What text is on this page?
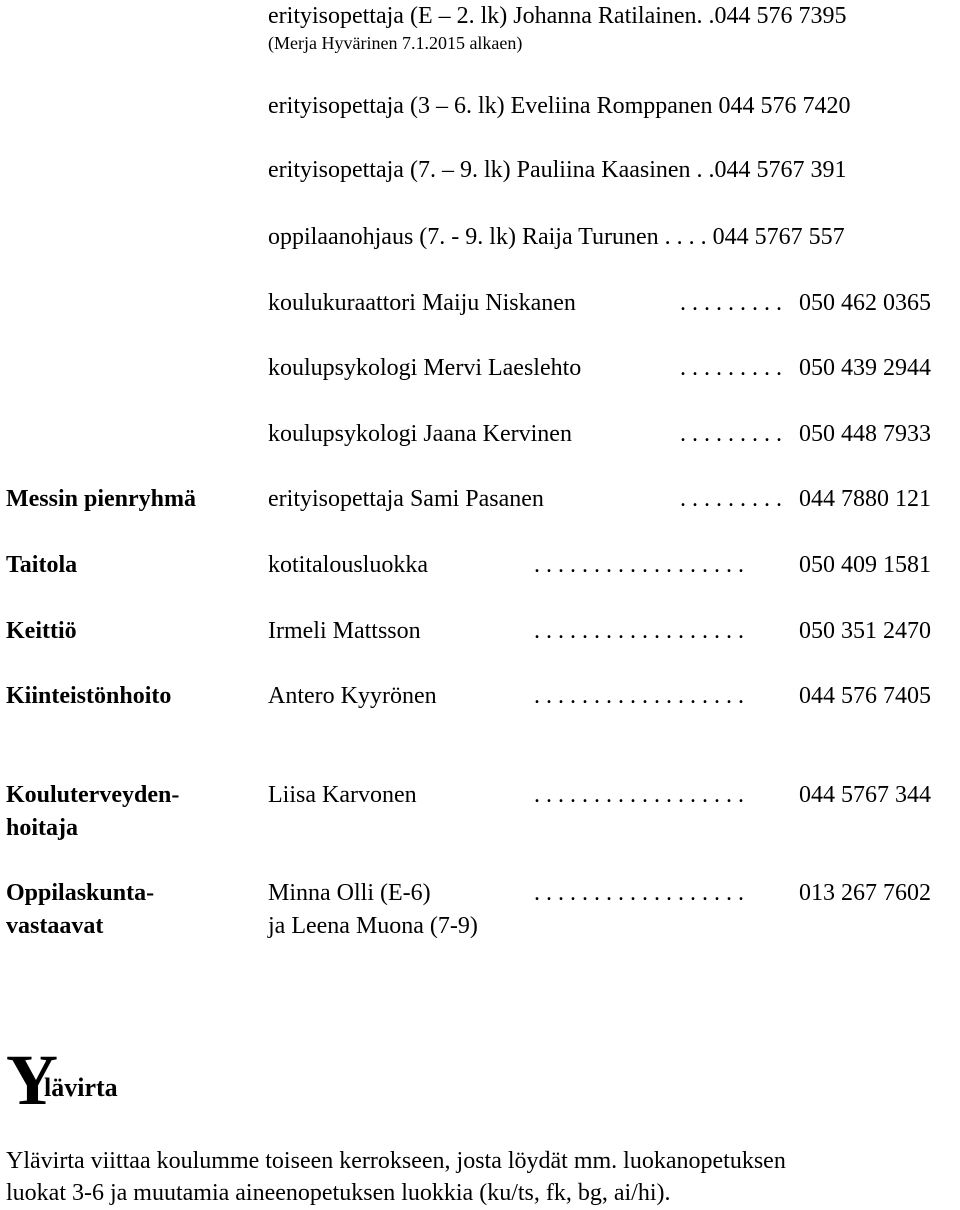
erityisopettaja (E – 2. lk) Johanna Ratilainen. .044 576 7395
(Merja Hyvärinen 7.1.2015 alkaen)
erityisopettaja (3 – 6. lk) Eveliina Romppanen 044 576 7420
erityisopettaja (7. – 9. lk) Pauliina Kaasinen . .044 5767 391
oppilaanohjaus (7. - 9. lk) Raija Turunen . . . . 044 5767 557
koulukuraattori Maiju Niskanen	. . . . . . . . . 050 462 0365
koulupsykologi Mervi Laeslehto	. . . . . . . . . 050 439 2944
koulupsykologi Jaana Kervinen	. . . . . . . . . 050 448 7933
Messin pienryhmä	erityisopettaja Sami Pasanen	. . . . . . . . . 044 7880 121
Taitola	kotitalousluokka	. . . . . . . . . . . . . . . . . . 050 409 1581
Keittiö	Irmeli Mattsson	. . . . . . . . . . . . . . . . . . 050 351 2470
Kiinteistönhoito	Antero Kyyrönen	. . . . . . . . . . . . . . . . . . 044 576 7405
Kouluterveyden-	Liisa Karvonen	. . . . . . . . . . . . . . . . . . 044 5767 344
hoitaja
Oppilaskunta-	Minna Olli (E-6)	. . . . . . . . . . . . . . . . . . 013 267 7602
vastaavat	ja Leena Muona (7-9)
Y
lävirta
Ylävirta viittaa koulumme toiseen kerrokseen, josta löydät mm. luokanopetuksen
luokat 3-6 ja muutamia aineenopetuksen luokkia (ku/ts, fk, bg, ai/hi).
